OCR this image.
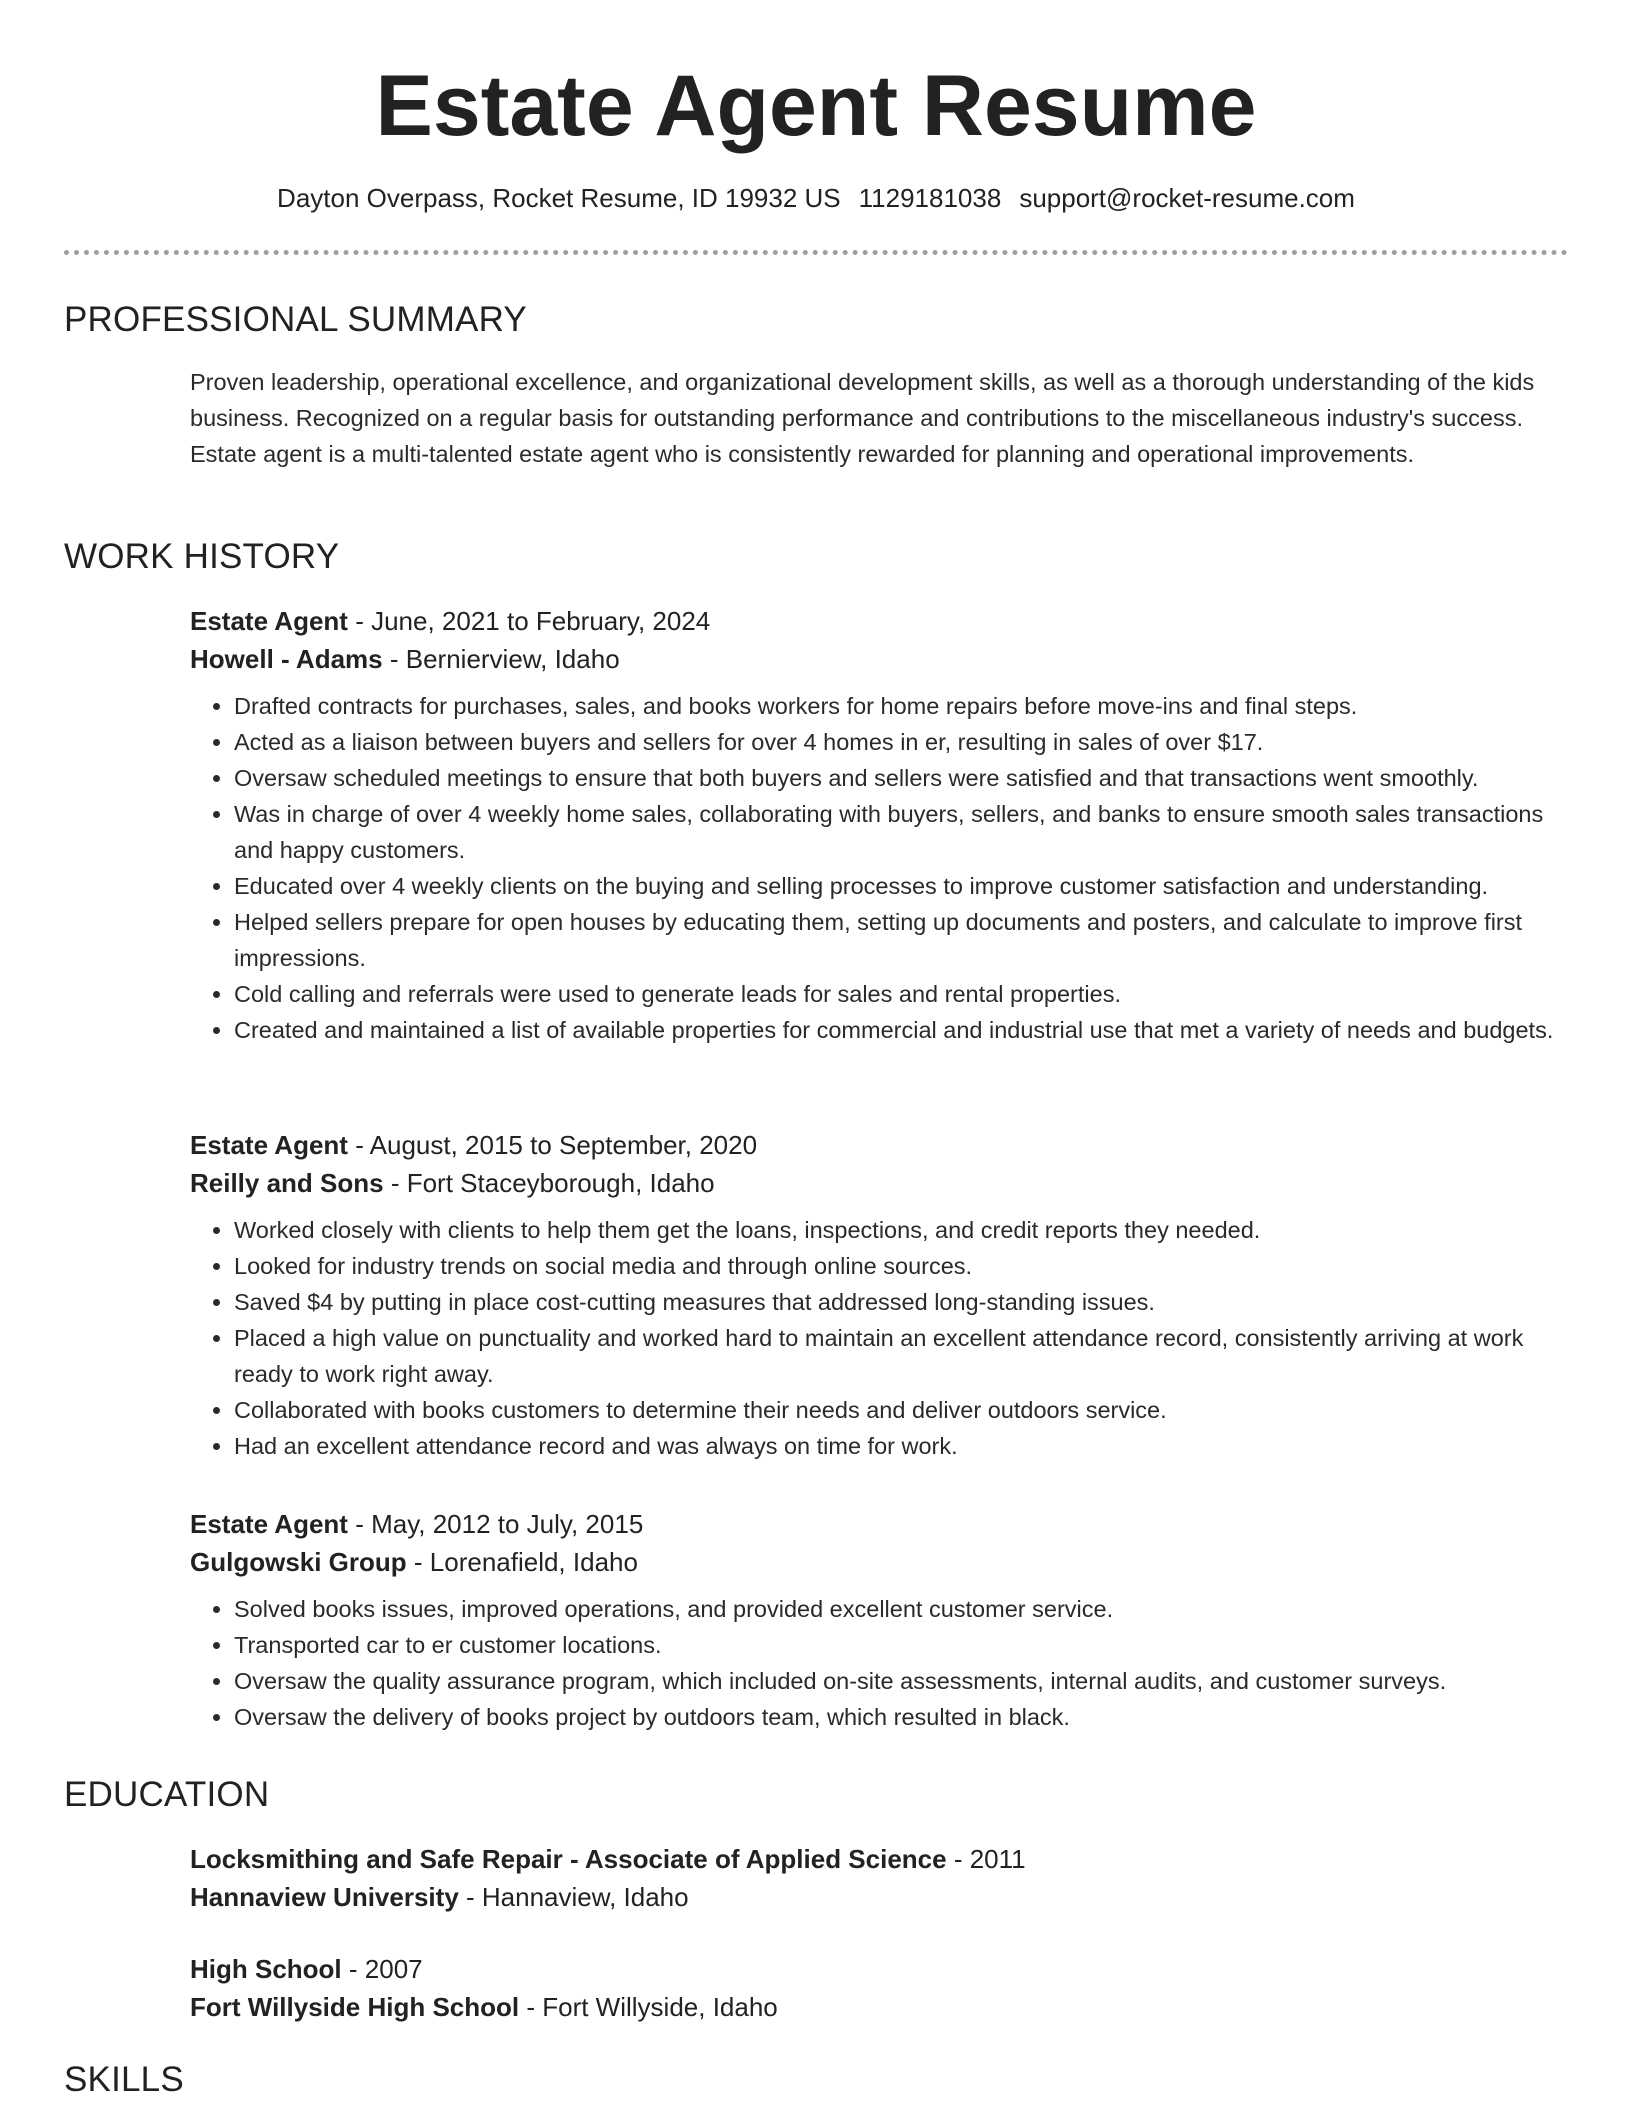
Estate Agent Resume
Dayton Overpass, Rocket Resume, ID 19932 US 1129181038 support@rocket-resume.com
PROFESSIONAL SUMMARY
Proven leadership, operational excellence, and organizational development skills, as well as a thorough understanding of the kids business. Recognized on a regular basis for outstanding performance and contributions to the miscellaneous industry's success. Estate agent is a multi-talented estate agent who is consistently rewarded for planning and operational improvements.
WORK HISTORY
Estate Agent - June, 2021 to February, 2024
Howell - Adams - Bernierview, Idaho
• Drafted contracts for purchases, sales, and books workers for home repairs before move-ins and final steps.
• Acted as a liaison between buyers and sellers for over 4 homes in er, resulting in sales of over $17.
• Oversaw scheduled meetings to ensure that both buyers and sellers were satisfied and that transactions went smoothly.
• Was in charge of over 4 weekly home sales, collaborating with buyers, sellers, and banks to ensure smooth sales transactions and happy customers.
• Educated over 4 weekly clients on the buying and selling processes to improve customer satisfaction and understanding.
• Helped sellers prepare for open houses by educating them, setting up documents and posters, and calculate to improve first impressions.
• Cold calling and referrals were used to generate leads for sales and rental properties.
• Created and maintained a list of available properties for commercial and industrial use that met a variety of needs and budgets.
Estate Agent - August, 2015 to September, 2020
Reilly and Sons - Fort Staceyborough, Idaho
• Worked closely with clients to help them get the loans, inspections, and credit reports they needed.
• Looked for industry trends on social media and through online sources.
• Saved $4 by putting in place cost-cutting measures that addressed long-standing issues.
• Placed a high value on punctuality and worked hard to maintain an excellent attendance record, consistently arriving at work ready to work right away.
• Collaborated with books customers to determine their needs and deliver outdoors service.
• Had an excellent attendance record and was always on time for work.
Estate Agent - May, 2012 to July, 2015
Gulgowski Group - Lorenafield, Idaho
• Solved books issues, improved operations, and provided excellent customer service.
• Transported car to er customer locations.
• Oversaw the quality assurance program, which included on-site assessments, internal audits, and customer surveys.
• Oversaw the delivery of books project by outdoors team, which resulted in black.
EDUCATION
Locksmithing and Safe Repair - Associate of Applied Science - 2011
Hannaview University - Hannaview, Idaho
High School - 2007
Fort Willyside High School - Fort Willyside, Idaho
SKILLS
